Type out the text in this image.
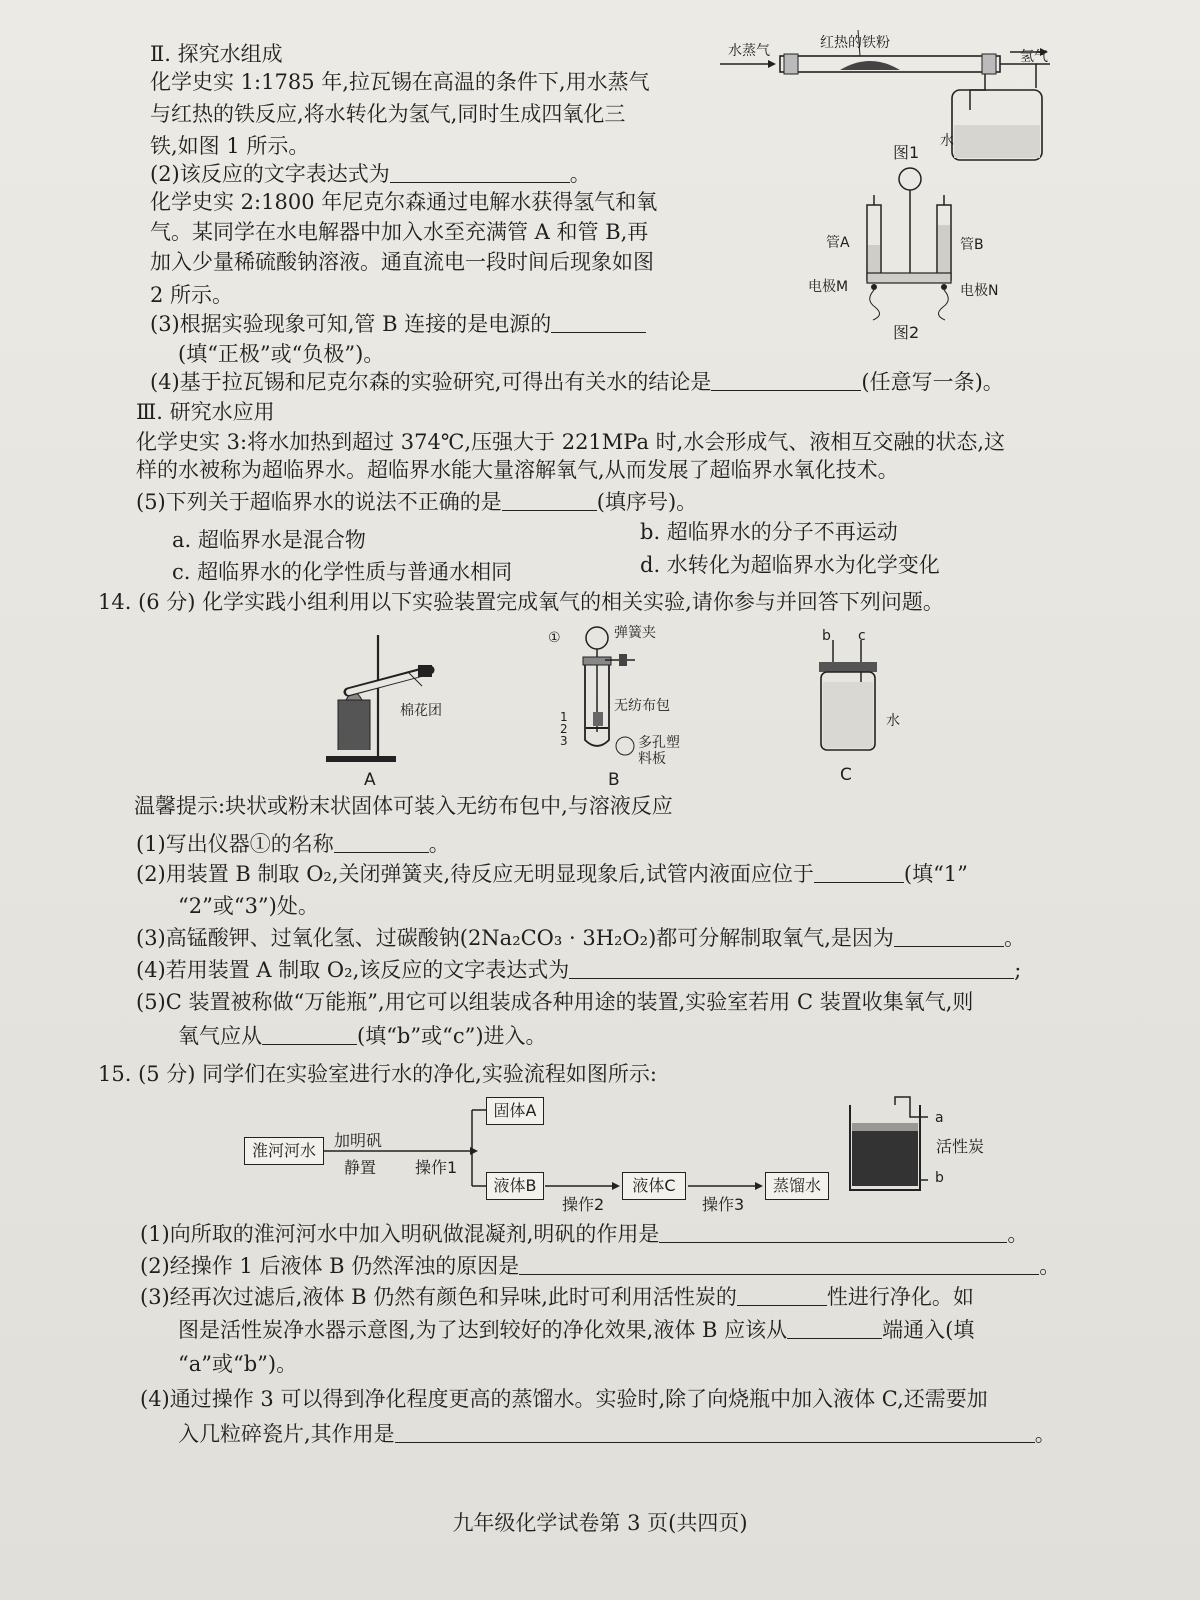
Ⅱ. 探究水组成
化学史实 1:1785 年,拉瓦锡在高温的条件下,用水蒸气
与红热的铁反应,将水转化为氢气,同时生成四氧化三
铁,如图 1 所示。
(2)该反应的文字表达式为	。
化学史实 2:1800 年尼克尔森通过电解水获得氢气和氧
气。某同学在水电解器中加入水至充满管 A 和管 B,再
加入少量稀硫酸钠溶液。通直流电一段时间后现象如图
2 所示。
(3)根据实验现象可知,管 B 连接的是电源的
(填“正极”或“负极”)。
(4)基于拉瓦锡和尼克尔森的实验研究,可得出有关水的结论是	(任意写一条)。
水蒸气	红热的铁粉
氢气
水
图1
管A	管B
电极M	电极N
图2
Ⅲ. 研究水应用
化学史实 3:将水加热到超过 374℃,压强大于 221MPa 时,水会形成气、液相互交融的状态,这
样的水被称为超临界水。超临界水能大量溶解氧气,从而发展了超临界水氧化技术。
(5)下列关于超临界水的说法不正确的是	(填序号)。
b. 超临界水的分子不再运动
a. 超临界水是混合物
d. 水转化为超临界水为化学变化
c. 超临界水的化学性质与普通水相同
14. (6 分) 化学实践小组利用以下实验装置完成氧气的相关实验,请你参与并回答下列问题。
棉花团
A
①	弹簧夹
无纺布包
多孔塑
料板
1
2
3
B
b c
水
C
温馨提示:块状或粉末状固体可装入无纺布包中,与溶液反应
(1)写出仪器①的名称	。
(2)用装置 B 制取 O₂,关闭弹簧夹,待反应无明显现象后,试管内液面应位于	(填“1”
“2”或“3”)处。
(3)高锰酸钾、过氧化氢、过碳酸钠(2Na₂CO₃ · 3H₂O₂)都可分解制取氧气,是因为	。
(4)若用装置 A 制取 O₂,该反应的文字表达式为	;
(5)C 装置被称做“万能瓶”,用它可以组装成各种用途的装置,实验室若用 C 装置收集氧气,则
氧气应从	(填“b”或“c”)进入。
15. (5 分) 同学们在实验室进行水的净化,实验流程如图所示:
淮河河水
加明矾
静置 操作1
固体A
液体B
操作2
液体C
操作3
蒸馏水
a
活性炭
b
(1)向所取的淮河河水中加入明矾做混凝剂,明矾的作用是	。
(2)经操作 1 后液体 B 仍然浑浊的原因是	。
(3)经再次过滤后,液体 B 仍然有颜色和异味,此时可利用活性炭的	性进行净化。如
图是活性炭净水器示意图,为了达到较好的净化效果,液体 B 应该从	端通入(填
“a”或“b”)。
(4)通过操作 3 可以得到净化程度更高的蒸馏水。实验时,除了向烧瓶中加入液体 C,还需要加
入几粒碎瓷片,其作用是	。
九年级化学试卷第 3 页(共四页)
